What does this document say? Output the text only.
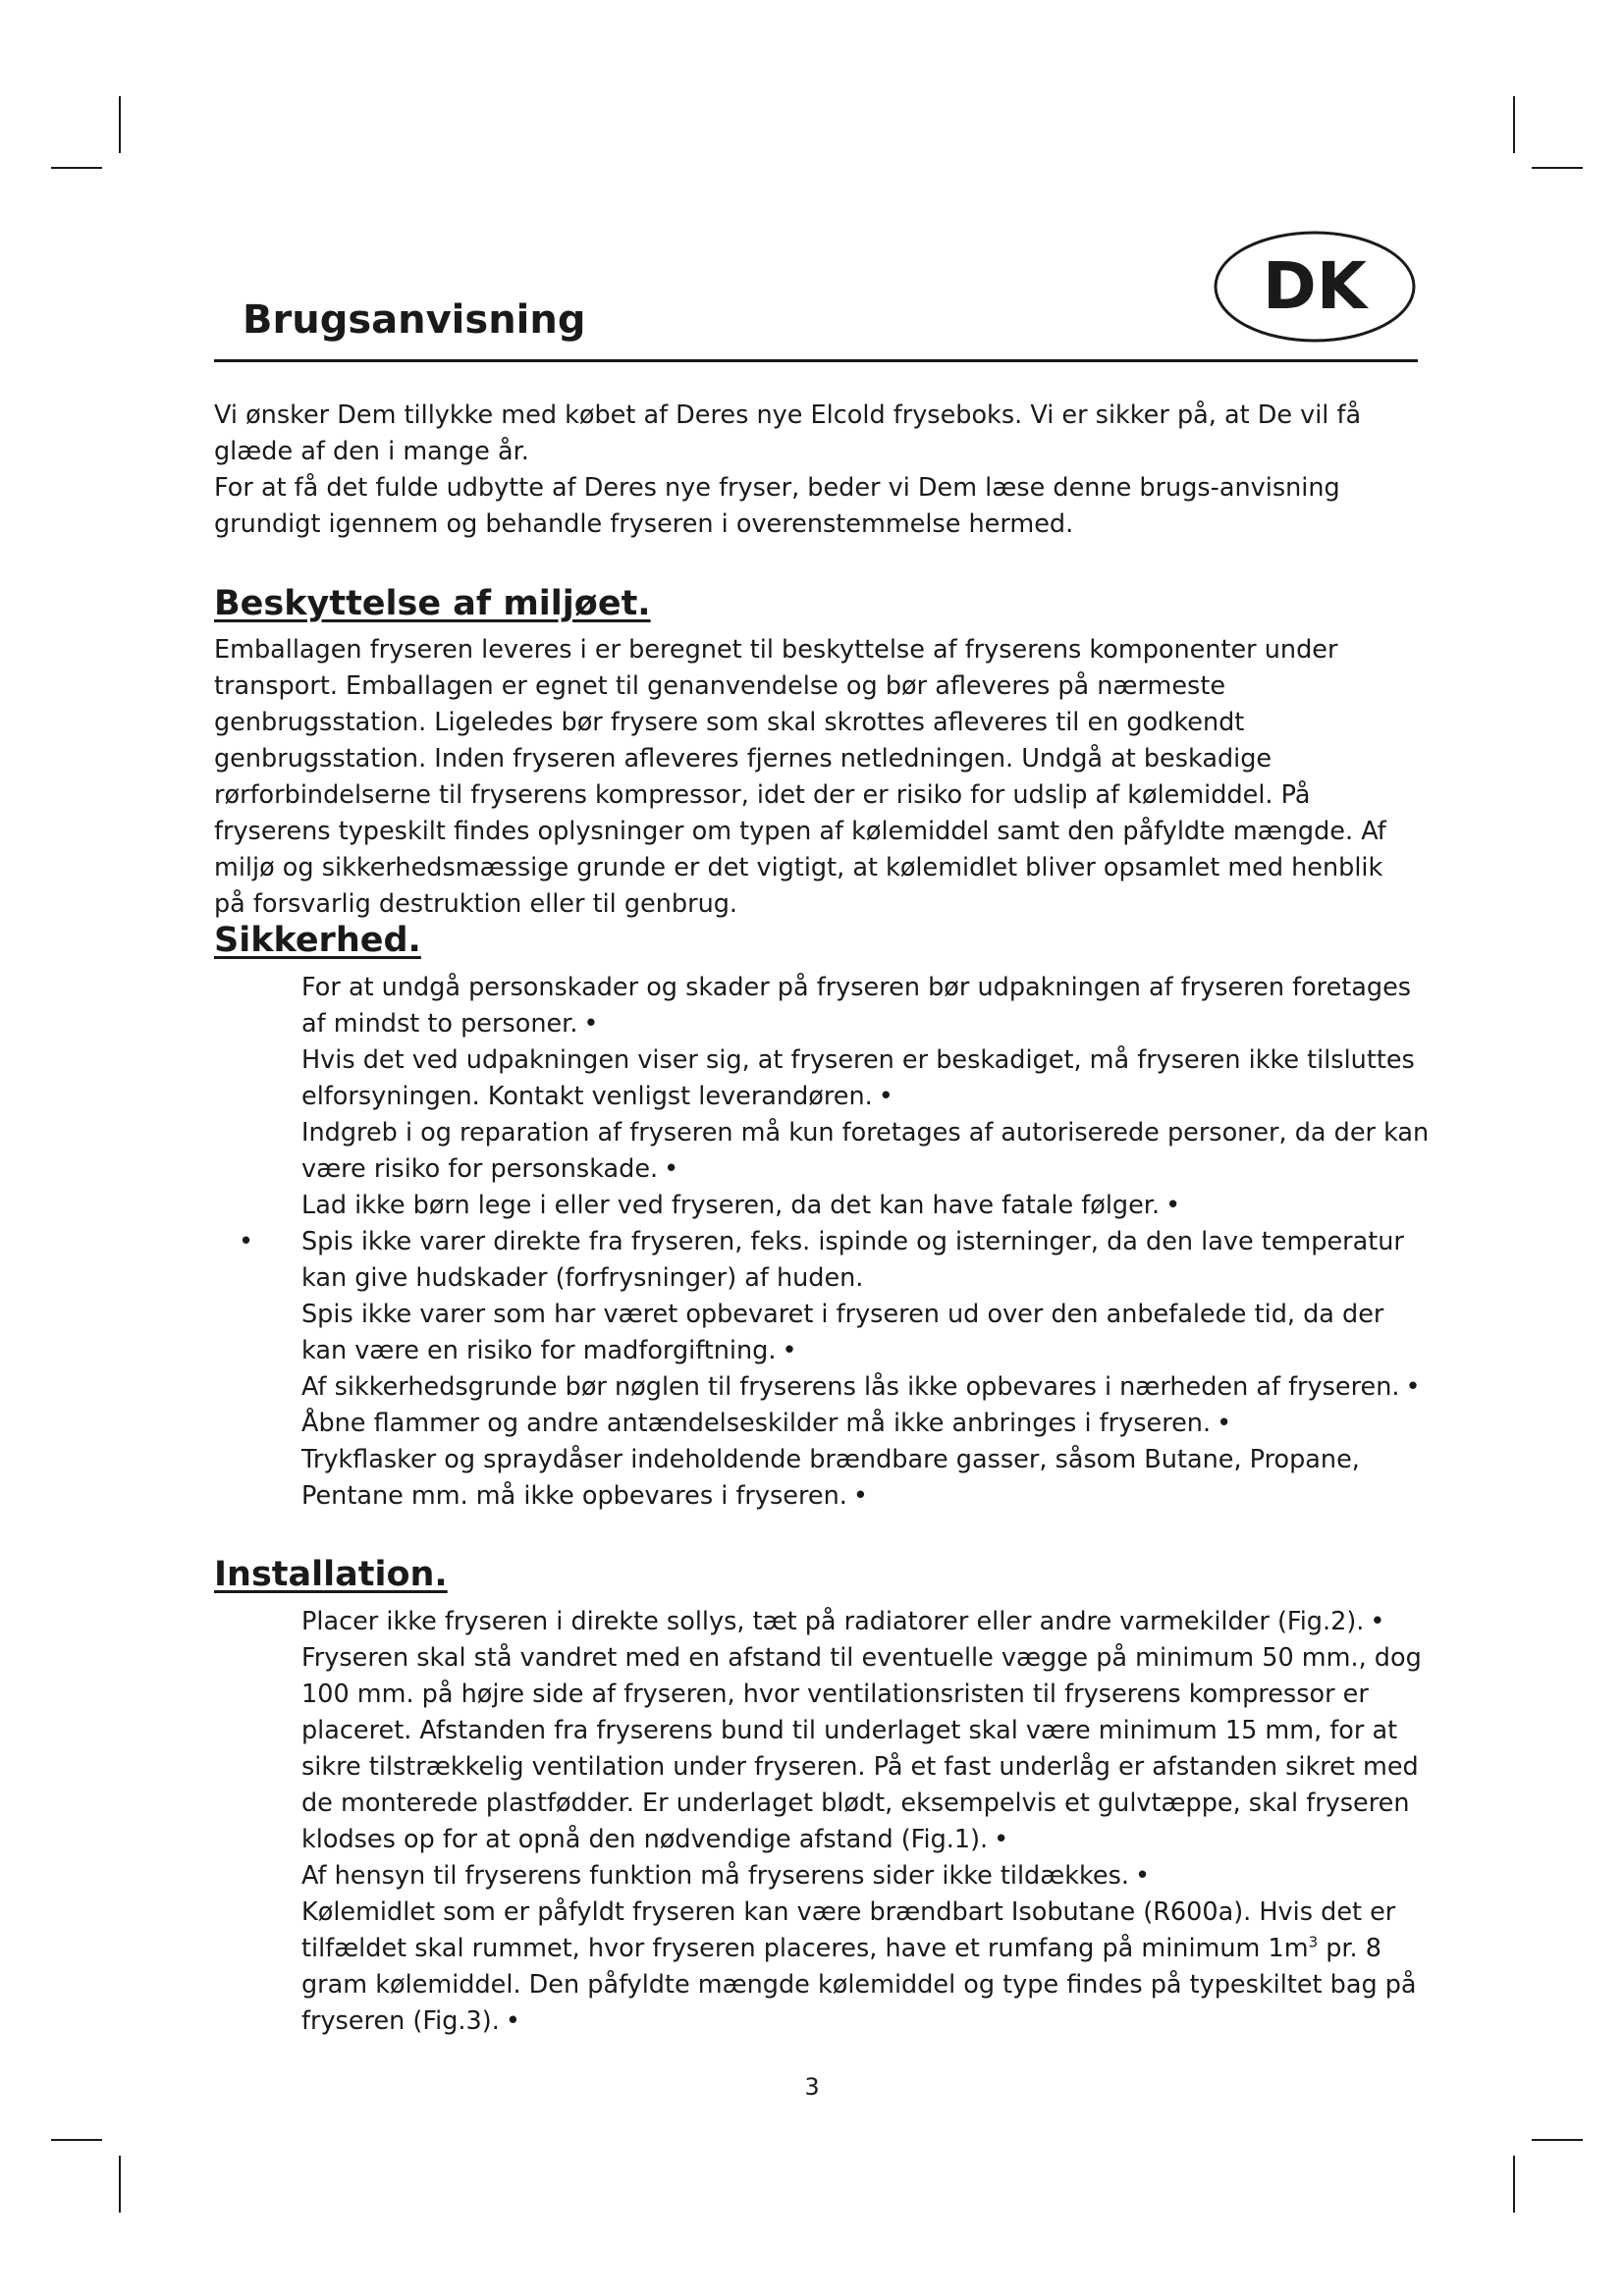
Brugsanvisning	DK

Vi ønsker Dem tillykke med købet af Deres nye Elcold fryseboks. Vi er sikker på, at De vil få glæde af den i mange år.

For at få det fulde udbytte af Deres nye fryser, beder vi Dem læse denne brugs-anvisning grundigt igennem og behandle fryseren i overenstemmelse hermed.

Beskyttelse af miljøet.

Emballagen fryseren leveres i er beregnet til beskyttelse af fryserens komponenter under transport. Emballagen er egnet til genanvendelse og bør afleveres på nærmeste genbrugsstation. Ligeledes bør frysere som skal skrottes afleveres til en godkendt genbrugsstation. Inden fryseren afleveres fjernes netledningen. Undgå at beskadige rørforbindelserne til fryserens kompressor, idet der er risiko for udslip af kølemiddel. På fryserens typeskilt findes oplysninger om typen af kølemiddel samt den påfyldte mængde. Af miljø og sikkerhedsmæssige grunde er det vigtigt, at kølemidlet bliver opsamlet med henblik på forsvarlig destruktion eller til genbrug.

Sikkerhed.
For at undgå personskader og skader på fryseren bør udpakningen af fryseren foretages af mindst to personer. •
Hvis det ved udpakningen viser sig, at fryseren er beskadiget, må fryseren ikke tilsluttes elforsyningen. Kontakt venligst leverandøren. •
Indgreb i og reparation af fryseren må kun foretages af autoriserede personer, da der kan være risiko for personskade. •
Lad ikke børn lege i eller ved fryseren, da det kan have fatale følger. •
• Spis ikke varer direkte fra fryseren, feks. ispinde og isterninger, da den lave temperatur kan give hudskader (forfrysninger) af huden.
Spis ikke varer som har været opbevaret i fryseren ud over den anbefalede tid, da der kan være en risiko for madforgiftning. •
Af sikkerhedsgrunde bør nøglen til fryserens lås ikke opbevares i nærheden af fryseren. •
Åbne flammer og andre antændelseskilder må ikke anbringes i fryseren. •
Trykflasker og spraydåser indeholdende brændbare gasser, såsom Butane, Propane, Pentane mm. må ikke opbevares i fryseren. •
Installation.
Placer ikke fryseren i direkte sollys, tæt på radiatorer eller andre varmekilder (Fig.2). •
Fryseren skal stå vandret med en afstand til eventuelle vægge på minimum 50 mm., dog 100 mm. på højre side af fryseren, hvor ventilationsristen til fryserens kompressor er placeret. Afstanden fra fryserens bund til underlaget skal være minimum 15 mm, for at sikre tilstrækkelig ventilation under fryseren. På et fast underlåg er afstanden sikret med de monterede plastfødder. Er underlaget blødt, eksempelvis et gulvtæppe, skal fryseren klodses op for at opnå den nødvendige afstand (Fig.1). •
Af hensyn til fryserens funktion må fryserens sider ikke tildækkes. •
Kølemidlet som er påfyldt fryseren kan være brændbart Isobutane (R600a). Hvis det er tilfældet skal rummet, hvor fryseren placeres, have et rumfang på minimum $1m^3$ pr. 8 gram kølemiddel. Den påfyldte mængde kølemiddel og type findes på typeskiltet bag på fryseren (Fig.3). •

3
